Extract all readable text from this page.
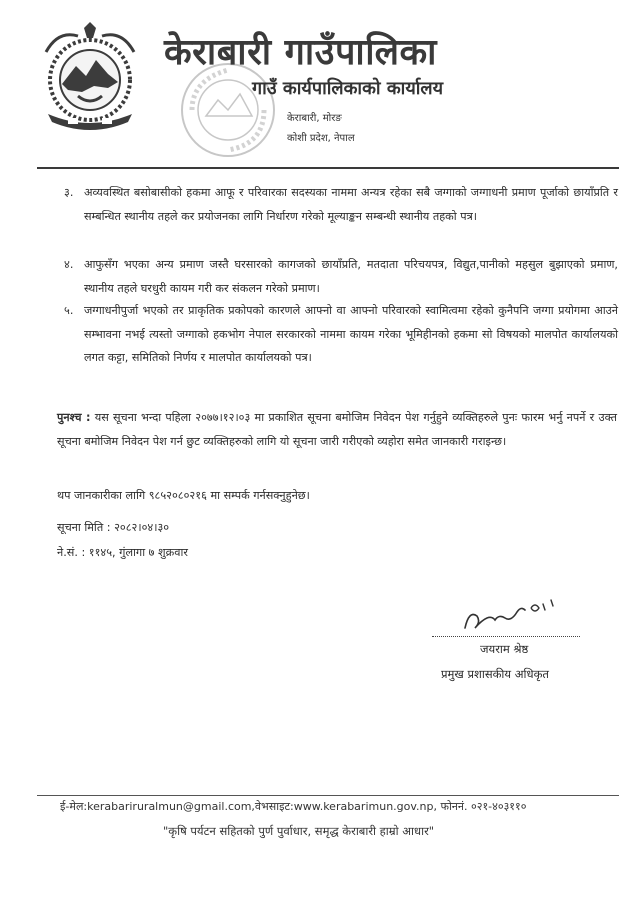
केराबारी गाउँपालिका
गाउँ कार्यपालिकाको कार्यालय
केराबारी, मोरङ
कोशी प्रदेश, नेपाल
३. अव्यवस्थित बसोबासीको हकमा आफू र परिवारका सदस्यका नाममा अन्यत्र रहेका सबै जग्गाको जग्गाधनी प्रमाण पूर्जाको छायाँप्रति र सम्बन्धित स्थानीय तहले कर प्रयोजनका लागि निर्धारण गरेको मूल्याङ्कन सम्बन्धी स्थानीय तहको पत्र।
४. आफुसँग भएका अन्य प्रमाण जस्तै घरसारको कागजको छायाँप्रति, मतदाता परिचयपत्र, विद्युत,पानीको महसुल बुझाएको प्रमाण, स्थानीय तहले घरधुरी कायम गरी कर संकलन गरेको प्रमाण।
५. जग्गाधनीपुर्जा भएको तर प्राकृतिक प्रकोपको कारणले आफ्नो वा आफ्नो परिवारको स्वामित्वमा रहेको कुनैपनि जग्गा प्रयोगमा आउने सम्भावना नभई त्यस्तो जग्गाको हकभोग नेपाल सरकारको नाममा कायम गरेका भूमिहीनको हकमा सो विषयको मालपोत कार्यालयको लगत कट्टा, समितिको निर्णय र मालपोत कार्यालयको पत्र।
पुनश्च : यस सूचना भन्दा पहिला २०७७।१२।०३ मा प्रकाशित सूचना बमोजिम निवेदन पेश गर्नुहुने व्यक्तिहरुले पुनः फारम भर्नु नपर्ने र उक्त सूचना बमोजिम निवेदन पेश गर्न छुट व्यक्तिहरुको लागि यो सूचना जारी गरीएको व्यहोरा समेत जानकारी गराइन्छ।
थप जानकारीका लागि ९८५२०८०२१६ मा सम्पर्क गर्नसक्नुहुनेछ।
सूचना मिति : २०८२।०४।३०
ने.सं. : ११४५, गुंलागा ७ शुक्रवार
जयराम श्रेष्ठ
प्रमुख प्रशासकीय अधिकृत
ई-मेल:kerabariruralmun@gmail.com,वेभसाइट:www.kerabarimun.gov.np, फोननं. ०२१-४०३११०
"कृषि पर्यटन सहितको पुर्ण पुर्वाधार, समृद्ध केराबारी हाम्रो आधार"
